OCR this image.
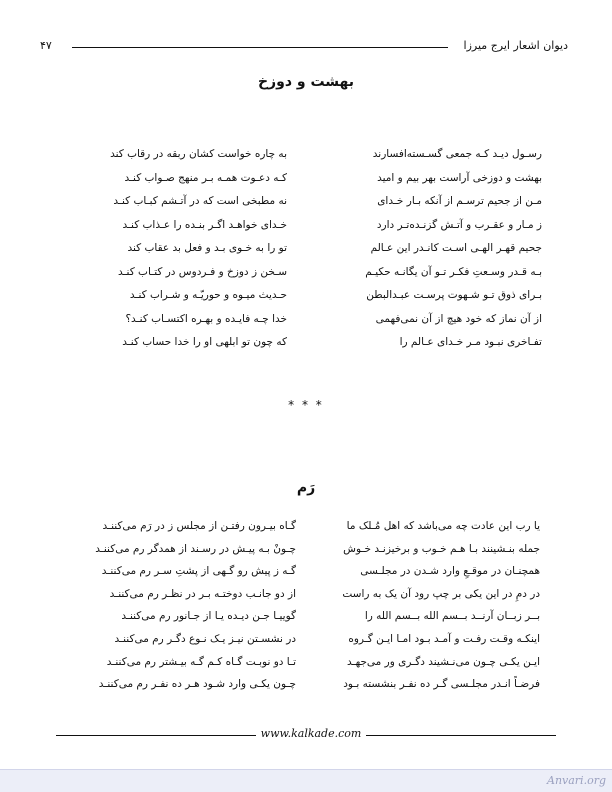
دیوان اشعار ایرج میرزا
۴۷
بهشت و دوزخ
رسـول دیـد کـه جمعی گسـسته‌افسارند
به چاره خواست کشان ربقه در رقاب کند
بهشت و دوزخی آراست بهر بیم و امید
کـه دعـوت همـه بـر منهج صـواب کنـد
مـن از جحیم ترسـم از آنکه بـار خـدای
نه مطبخی است که در آتـشم کبـاب کنـد
ز مـار و عقـرب و آتـش گزنـده‌تـر دارد
خـدای خواهـد اگـر بنـده را عـذاب کنـد
جحیم قهـر الهـی اسـت کانـدر این عـالم
تو را به خـوی بـد و فعل بد عقاب کند
بـه قـدر وسـعتِ فکـر تـو آن یگانـه حکیـم
سـخن ز دوزخ و فـردوس در کتـاب کنـد
بـرای ذوق تـو شـهوت پرسـت عبـدالبطن
حـدیث میـوه و حوریّـه و شـراب کنـد
از آن نماز که خود هیچ از آن نمی‌فهمی
خدا چـه فایـده و بهـره اکتسـاب کنـد؟
تفـاخری نبـود مـر خـدای عـالم را
که چون تو ابلهی او را خدا حساب کنـد
* * *
رَم
یا رب این عادت چه می‌باشد که اهل مُـلک ما
گـاه بیـرون رفتـن از مجلس ز در رَم می‌کننـد
جمله بنـشینند بـا هـم خـوب و برخیزنـد خـوش
چـونْ بـه پیـش در رسـند از همدگر رم می‌کننـد
همچنـان در موقـعِ وارد شـدن در مجلـسی
گـه ز پیش رو گـهی از پشتِ سـر رم می‌کننـد
در دمِ در این یکی بر چپ رود آن یک به راست
از دو جانـب دوختـه بـر در نظـر رم می‌کننـد
بــر زبــان آرنــد بــسم الله بــسم الله را
گوییـا جـن دیـده یـا از جـانور رم می‌کننـد
اینکـه وقـت رفـت و آمـد بـود امـا ایـن گـروه
در نشسـتن نیـز یـک نـوع دگـر رم می‌کننـد
ایـن یکـی چـون می‌نـشیند دگـری ور می‌جهـد
تـا دو نوبـت گـاه کـم گـه بیـشتر رم می‌کننـد
فرضـاً انـدر مجلـسی گـر ده نفـر بنشسته بـود
چـون یکـی وارد شـود هـر ده نفـر رم می‌کننـد
www.kalkade.com
Anvari.org
